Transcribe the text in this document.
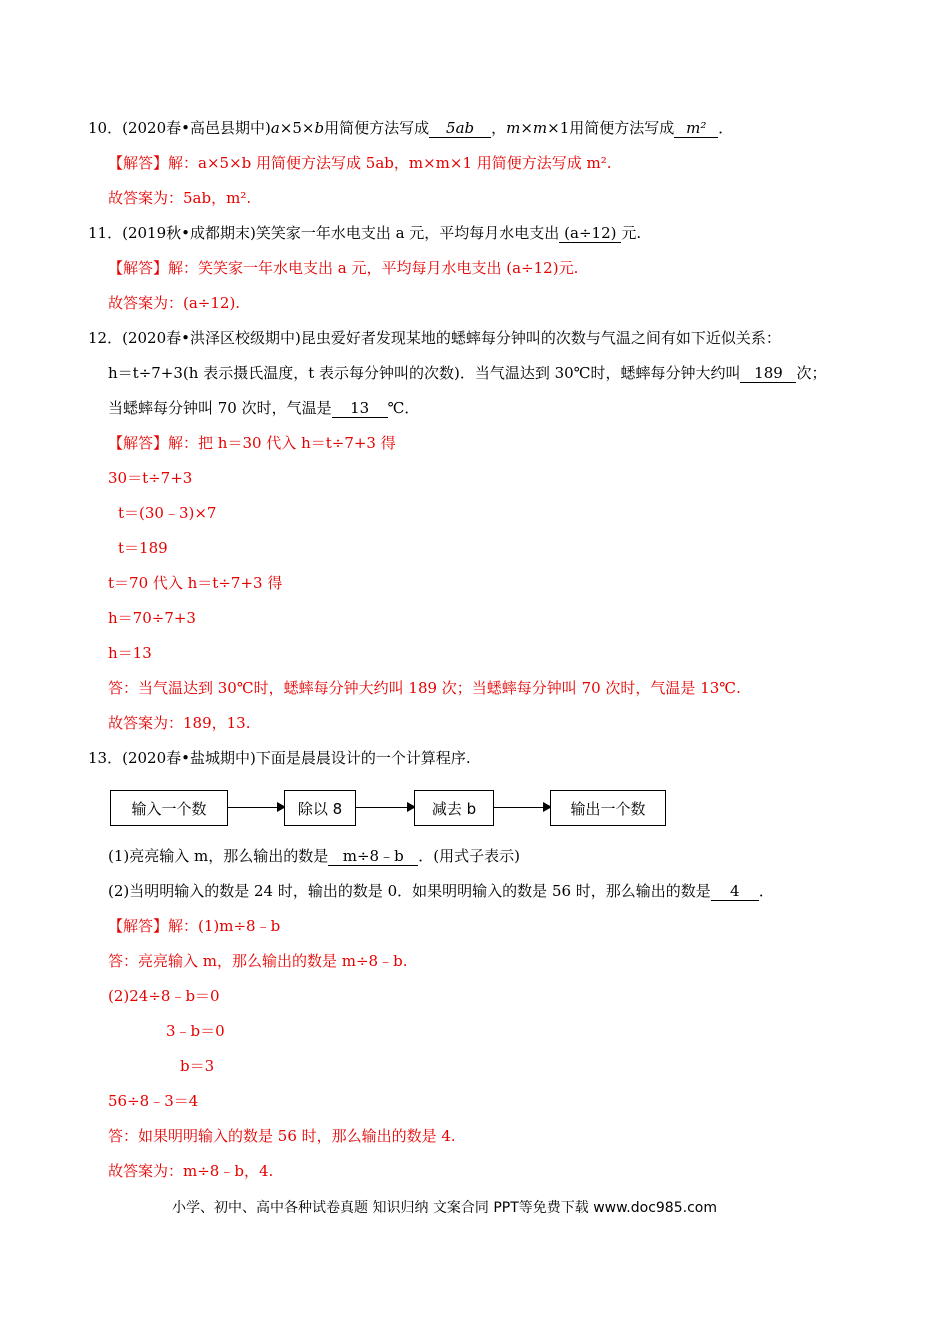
10．(2020春•高邑县期中)a×5×b用简便方法写成 5ab ，m×m×1用简便方法写成 m² ．
【解答】解：a×5×b 用简便方法写成 5ab，m×m×1 用简便方法写成 m².
故答案为：5ab，m².
11．(2019秋•成都期末)笑笑家一年水电支出 a 元，平均每月水电支出 (a÷12) 元.
【解答】解：笑笑家一年水电支出 a 元，平均每月水电支出 (a÷12)元.
故答案为：(a÷12).
12．(2020春•洪泽区校级期中)昆虫爱好者发现某地的蟋蟀每分钟叫的次数与气温之间有如下近似关系：
h＝t÷7+3(h 表示摄氏温度，t 表示每分钟叫的次数)．当气温达到 30℃时，蟋蟀每分钟大约叫 189 次；
当蟋蟀每分钟叫 70 次时，气温是 13 ℃．
【解答】解：把 h＝30 代入 h＝t÷7+3 得
30＝t÷7+3
t＝(30﹣3)×7
t＝189
t＝70 代入 h＝t÷7+3 得
h＝70÷7+3
h＝13
答：当气温达到 30℃时，蟋蟀每分钟大约叫 189 次；当蟋蟀每分钟叫 70 次时，气温是 13℃.
故答案为：189，13.
13．(2020春•盐城期中)下面是晨晨设计的一个计算程序.
输入一个数	除以 8	减去 b	输出一个数
(1)亮亮输入 m，那么输出的数是 m÷8﹣b ．(用式子表示)
(2)当明明输入的数是 24 时，输出的数是 0．如果明明输入的数是 56 时，那么输出的数是 4 ．
【解答】解：(1)m÷8﹣b
答：亮亮输入 m，那么输出的数是 m÷8﹣b.
(2)24÷8﹣b＝0
3﹣b＝0
b＝3
56÷8﹣3＝4
答：如果明明输入的数是 56 时，那么输出的数是 4.
故答案为：m÷8﹣b，4.
小学、初中、高中各种试卷真题 知识归纳 文案合同 PPT等免费下载 www.doc985.com
